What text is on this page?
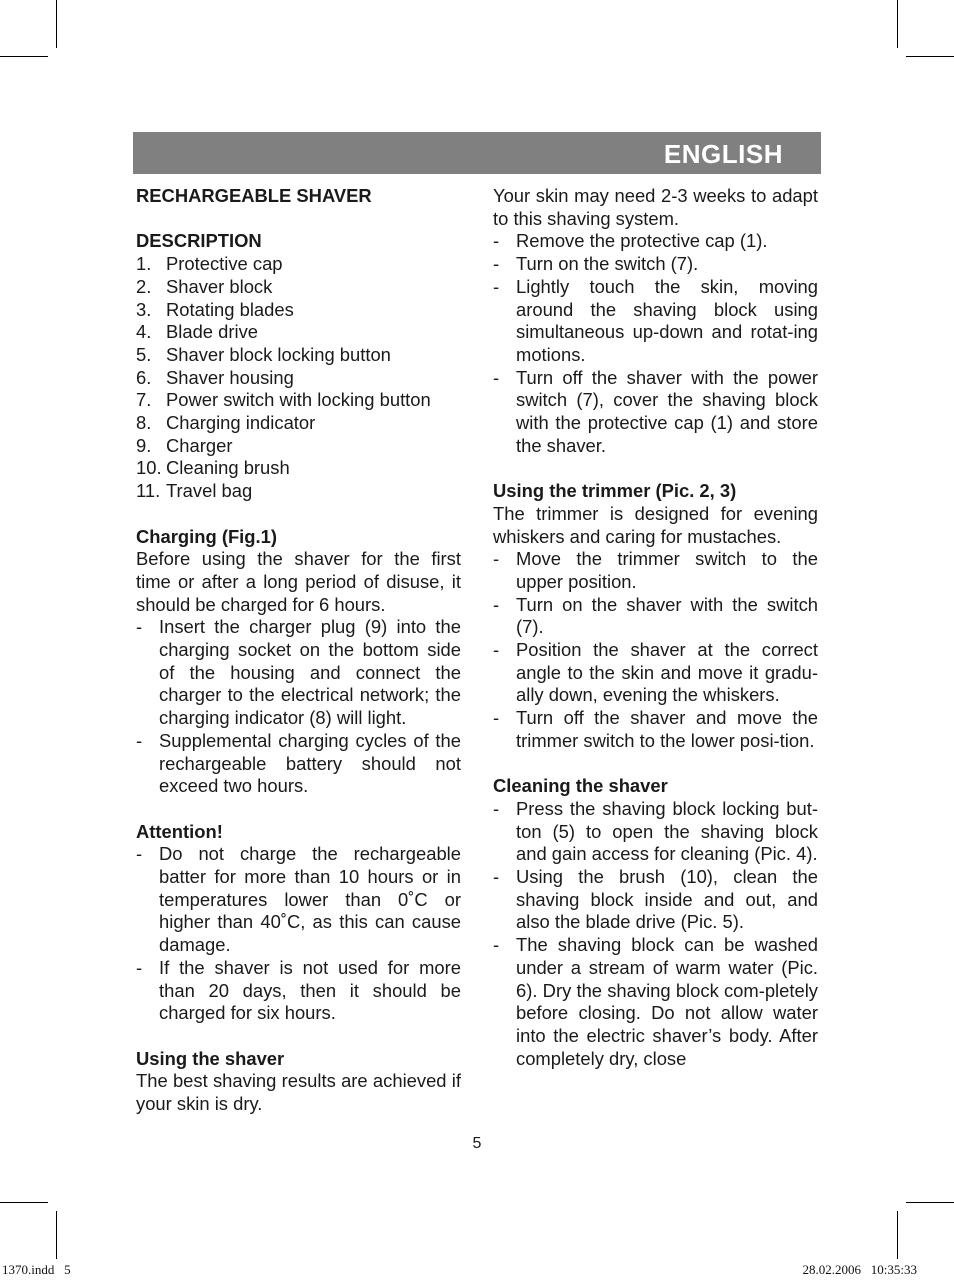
ENGLISH

RECHARGEABLE SHAVER

DESCRIPTION

1. Protective cap
2. Shaver block
3. Rotating blades
4. Blade drive
5. Shaver block locking button
6. Shaver housing
7. Power switch with locking button
8. Charging indicator
9. Charger
10. Cleaning brush
11. Travel bag

Charging (Fig.1)

Before using the shaver for the first time or after a long period of disuse, it should be charged for 6 hours.

- Insert the charger plug (9) into the charging socket on the bottom side of the housing and connect the charger to the electrical network; the charging indicator (8) will light.
- Supplemental charging cycles of the rechargeable battery should not exceed two hours.

Attention!

- Do not charge the rechargeable batter for more than 10 hours or in temperatures lower than 0˚C or higher than 40˚C, as this can cause damage.
- If the shaver is not used for more than 20 days, then it should be charged for six hours.

Using the shaver

The best shaving results are achieved if your skin is dry.

Your skin may need 2-3 weeks to adapt to this shaving system.

- Remove the protective cap (1).
- Turn on the switch (7).
- Lightly touch the skin, moving around the shaving block using simultaneous up-down and rotat-ing motions.
- Turn off the shaver with the power switch (7), cover the shaving block with the protective cap (1) and store the shaver.

Using the trimmer (Pic. 2, 3)

The trimmer is designed for evening whiskers and caring for mustaches.

- Move the trimmer switch to the upper position.
- Turn on the shaver with the switch (7).
- Position the shaver at the correct angle to the skin and move it gradu-ally down, evening the whiskers.
- Turn off the shaver and move the trimmer switch to the lower posi-tion.

Cleaning the shaver

- Press the shaving block locking but-ton (5) to open the shaving block and gain access for cleaning (Pic. 4).
- Using the brush (10), clean the shaving block inside and out, and also the blade drive (Pic. 5).
- The shaving block can be washed under a stream of warm water (Pic. 6). Dry the shaving block com-pletely before closing. Do not allow water into the electric shaver’s body. After completely dry, close
5
1370.indd   5	28.02.2006   10:35:33
